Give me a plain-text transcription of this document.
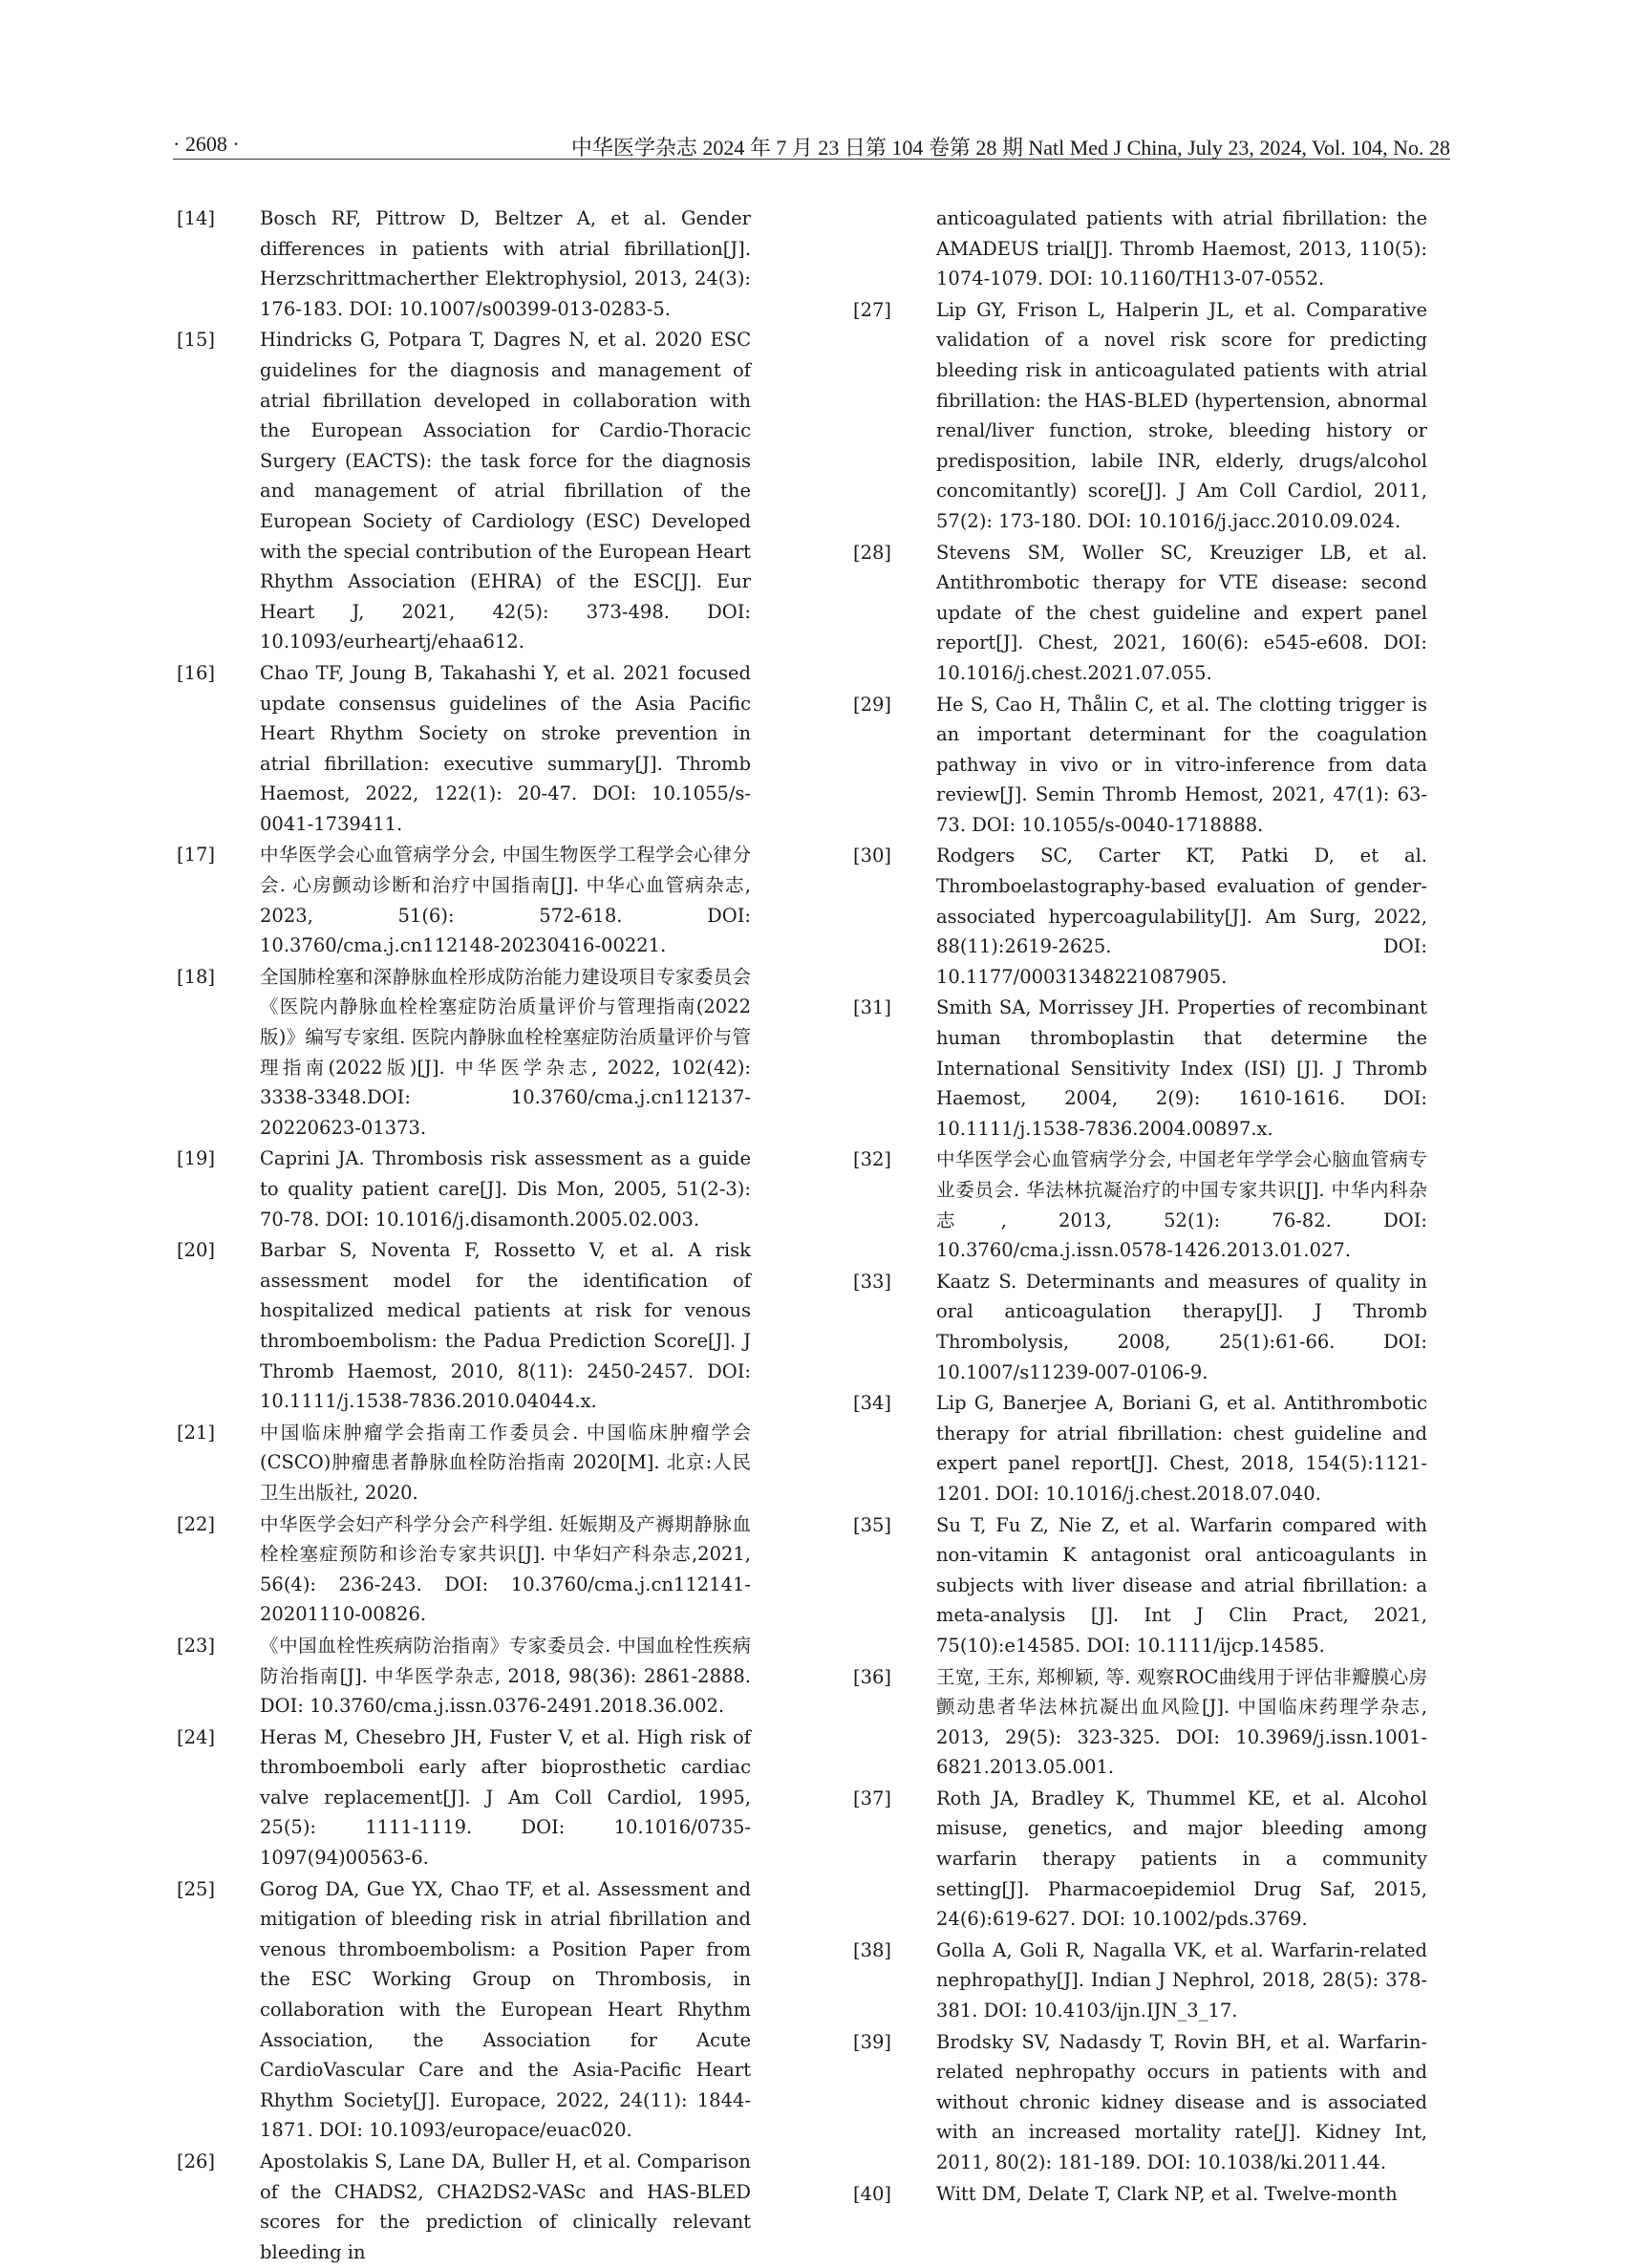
· 2608 ·	中华医学杂志 2024 年 7 月 23 日第 104 卷第 28 期 Natl Med J China, July 23, 2024, Vol. 104, No. 28
[14] Bosch RF, Pittrow D, Beltzer A, et al. Gender differences in patients with atrial fibrillation[J]. Herzschrittmacherther Elektrophysiol, 2013, 24(3): 176-183. DOI: 10.1007/s00399-013-0283-5.
[15] Hindricks G, Potpara T, Dagres N, et al. 2020 ESC guidelines for the diagnosis and management of atrial fibrillation developed in collaboration with the European Association for Cardio-Thoracic Surgery (EACTS): the task force for the diagnosis and management of atrial fibrillation of the European Society of Cardiology (ESC) Developed with the special contribution of the European Heart Rhythm Association (EHRA) of the ESC[J]. Eur Heart J, 2021, 42(5): 373-498. DOI: 10.1093/eurheartj/ehaa612.
[16] Chao TF, Joung B, Takahashi Y, et al. 2021 focused update consensus guidelines of the Asia Pacific Heart Rhythm Society on stroke prevention in atrial fibrillation: executive summary[J]. Thromb Haemost, 2022, 122(1): 20-47. DOI: 10.1055/s-0041-1739411.
[17] 中华医学会心血管病学分会, 中国生物医学工程学会心律分会. 心房颤动诊断和治疗中国指南[J]. 中华心血管病杂志, 2023, 51(6): 572-618. DOI: 10.3760/cma.j.cn112148-20230416-00221.
[18] 全国肺栓塞和深静脉血栓形成防治能力建设项目专家委员会《医院内静脉血栓栓塞症防治质量评价与管理指南(2022版)》编写专家组. 医院内静脉血栓栓塞症防治质量评价与管理指南(2022版)[J]. 中华医学杂志, 2022, 102(42): 3338-3348.DOI: 10.3760/cma.j.cn112137-20220623-01373.
[19] Caprini JA. Thrombosis risk assessment as a guide to quality patient care[J]. Dis Mon, 2005, 51(2-3): 70-78. DOI: 10.1016/j.disamonth.2005.02.003.
[20] Barbar S, Noventa F, Rossetto V, et al. A risk assessment model for the identification of hospitalized medical patients at risk for venous thromboembolism: the Padua Prediction Score[J]. J Thromb Haemost, 2010, 8(11): 2450-2457. DOI: 10.1111/j.1538-7836.2010.04044.x.
[21] 中国临床肿瘤学会指南工作委员会. 中国临床肿瘤学会(CSCO)肿瘤患者静脉血栓防治指南 2020[M]. 北京:人民卫生出版社, 2020.
[22] 中华医学会妇产科学分会产科学组. 妊娠期及产褥期静脉血栓栓塞症预防和诊治专家共识[J]. 中华妇产科杂志,2021, 56(4): 236-243. DOI: 10.3760/cma.j.cn112141-20201110-00826.
[23] 《中国血栓性疾病防治指南》专家委员会. 中国血栓性疾病防治指南[J]. 中华医学杂志, 2018, 98(36): 2861-2888. DOI: 10.3760/cma.j.issn.0376-2491.2018.36.002.
[24] Heras M, Chesebro JH, Fuster V, et al. High risk of thromboemboli early after bioprosthetic cardiac valve replacement[J]. J Am Coll Cardiol, 1995, 25(5): 1111-1119. DOI: 10.1016/0735-1097(94)00563-6.
[25] Gorog DA, Gue YX, Chao TF, et al. Assessment and mitigation of bleeding risk in atrial fibrillation and venous thromboembolism: a Position Paper from the ESC Working Group on Thrombosis, in collaboration with the European Heart Rhythm Association, the Association for Acute CardioVascular Care and the Asia-Pacific Heart Rhythm Society[J]. Europace, 2022, 24(11): 1844-1871. DOI: 10.1093/europace/euac020.
[26] Apostolakis S, Lane DA, Buller H, et al. Comparison of the CHADS2, CHA2DS2-VASc and HAS-BLED scores for the prediction of clinically relevant bleeding in
anticoagulated patients with atrial fibrillation: the AMADEUS trial[J]. Thromb Haemost, 2013, 110(5): 1074-1079. DOI: 10.1160/TH13-07-0552.
[27] Lip GY, Frison L, Halperin JL, et al. Comparative validation of a novel risk score for predicting bleeding risk in anticoagulated patients with atrial fibrillation: the HAS-BLED (hypertension, abnormal renal/liver function, stroke, bleeding history or predisposition, labile INR, elderly, drugs/alcohol concomitantly) score[J]. J Am Coll Cardiol, 2011, 57(2): 173-180. DOI: 10.1016/j.jacc.2010.09.024.
[28] Stevens SM, Woller SC, Kreuziger LB, et al. Antithrombotic therapy for VTE disease: second update of the chest guideline and expert panel report[J]. Chest, 2021, 160(6): e545-e608. DOI: 10.1016/j.chest.2021.07.055.
[29] He S, Cao H, Thålin C, et al. The clotting trigger is an important determinant for the coagulation pathway in vivo or in vitro-inference from data review[J]. Semin Thromb Hemost, 2021, 47(1): 63-73. DOI: 10.1055/s-0040-1718888.
[30] Rodgers SC, Carter KT, Patki D, et al. Thromboelastography-based evaluation of gender-associated hypercoagulability[J]. Am Surg, 2022, 88(11):2619-2625. DOI: 10.1177/00031348221087905.
[31] Smith SA, Morrissey JH. Properties of recombinant human thromboplastin that determine the International Sensitivity Index (ISI) [J]. J Thromb Haemost, 2004, 2(9): 1610-1616. DOI: 10.1111/j.1538-7836.2004.00897.x.
[32] 中华医学会心血管病学分会, 中国老年学学会心脑血管病专业委员会. 华法林抗凝治疗的中国专家共识[J]. 中华内科杂志, 2013, 52(1): 76-82. DOI: 10.3760/cma.j.issn.0578-1426.2013.01.027.
[33] Kaatz S. Determinants and measures of quality in oral anticoagulation therapy[J]. J Thromb Thrombolysis, 2008, 25(1):61-66. DOI: 10.1007/s11239-007-0106-9.
[34] Lip G, Banerjee A, Boriani G, et al. Antithrombotic therapy for atrial fibrillation: chest guideline and expert panel report[J]. Chest, 2018, 154(5):1121-1201. DOI: 10.1016/j.chest.2018.07.040.
[35] Su T, Fu Z, Nie Z, et al. Warfarin compared with non-vitamin K antagonist oral anticoagulants in subjects with liver disease and atrial fibrillation: a meta-analysis [J]. Int J Clin Pract, 2021, 75(10):e14585. DOI: 10.1111/ijcp.14585.
[36] 王宽, 王东, 郑柳颖, 等. 观察ROC曲线用于评估非瓣膜心房颤动患者华法林抗凝出血风险[J]. 中国临床药理学杂志, 2013, 29(5): 323-325. DOI: 10.3969/j.issn.1001-6821.2013.05.001.
[37] Roth JA, Bradley K, Thummel KE, et al. Alcohol misuse, genetics, and major bleeding among warfarin therapy patients in a community setting[J]. Pharmacoepidemiol Drug Saf, 2015, 24(6):619-627. DOI: 10.1002/pds.3769.
[38] Golla A, Goli R, Nagalla VK, et al. Warfarin-related nephropathy[J]. Indian J Nephrol, 2018, 28(5): 378-381. DOI: 10.4103/ijn.IJN_3_17.
[39] Brodsky SV, Nadasdy T, Rovin BH, et al. Warfarin-related nephropathy occurs in patients with and without chronic kidney disease and is associated with an increased mortality rate[J]. Kidney Int, 2011, 80(2): 181-189. DOI: 10.1038/ki.2011.44.
[40] Witt DM, Delate T, Clark NP, et al. Twelve-month
